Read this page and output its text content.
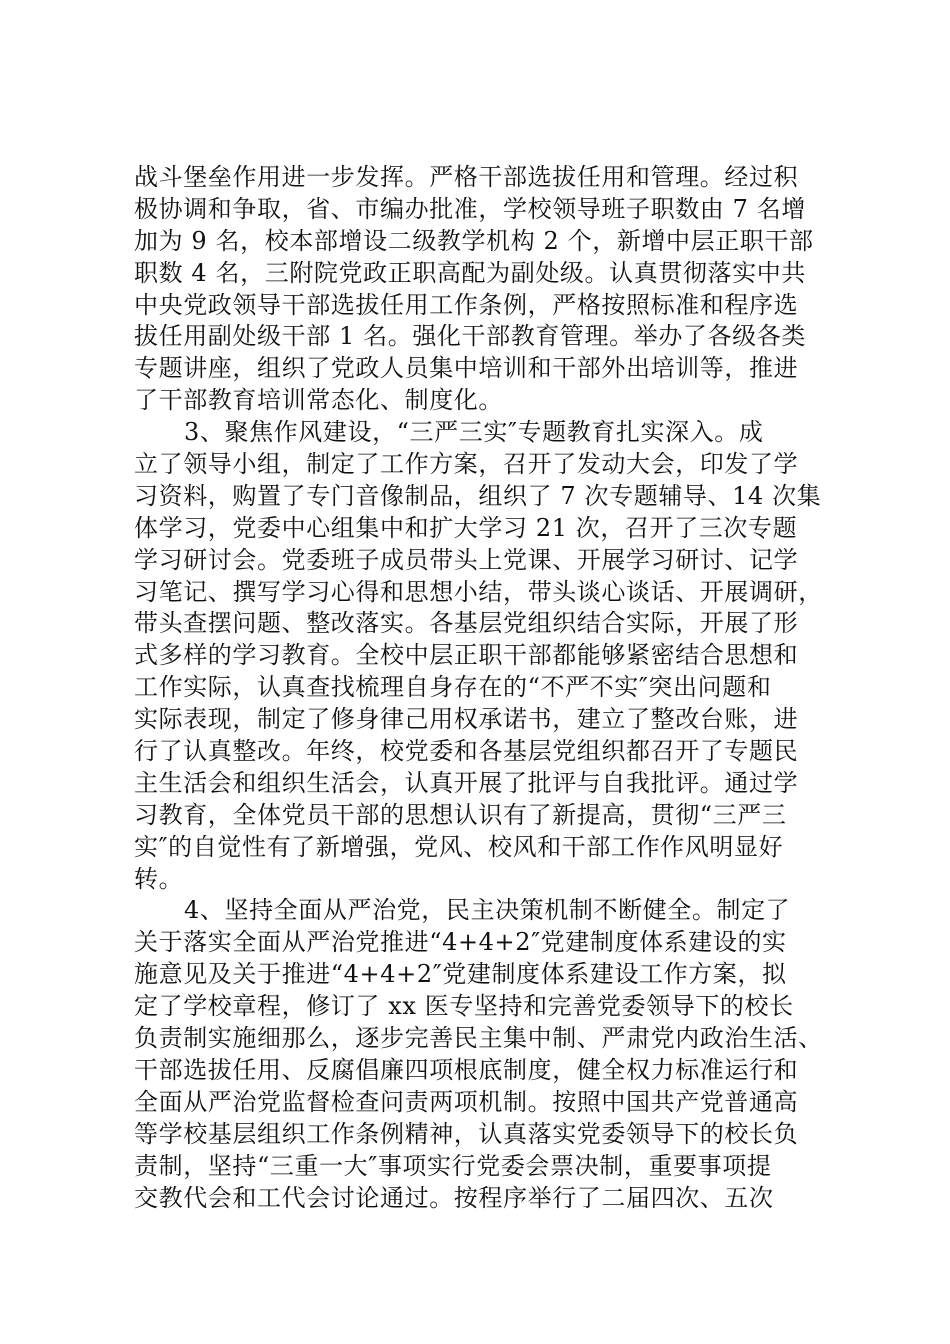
战斗堡垒作用进一步发挥。严格干部选拔任用和管理。经过积
极协调和争取，省、市编办批准，学校领导班子职数由 7 名增
加为 9 名，校本部增设二级教学机构 2 个，新增中层正职干部
职数 4 名，三附院党政正职高配为副处级。认真贯彻落实中共
中央党政领导干部选拔任用工作条例，严格按照标准和程序选
拔任用副处级干部 1 名。强化干部教育管理。举办了各级各类
专题讲座，组织了党政人员集中培训和干部外出培训等，推进
了干部教育培训常态化、制度化。
3、聚焦作风建设，“三严三实″专题教育扎实深入。成
立了领导小组，制定了工作方案，召开了发动大会，印发了学
习资料，购置了专门音像制品，组织了 7 次专题辅导、14 次集
体学习，党委中心组集中和扩大学习 21 次，召开了三次专题
学习研讨会。党委班子成员带头上党课、开展学习研讨、记学
习笔记、撰写学习心得和思想小结，带头谈心谈话、开展调研，
带头查摆问题、整改落实。各基层党组织结合实际，开展了形
式多样的学习教育。全校中层正职干部都能够紧密结合思想和
工作实际，认真查找梳理自身存在的“不严不实″突出问题和
实际表现，制定了修身律己用权承诺书，建立了整改台账，进
行了认真整改。年终，校党委和各基层党组织都召开了专题民
主生活会和组织生活会，认真开展了批评与自我批评。通过学
习教育，全体党员干部的思想认识有了新提高，贯彻“三严三
实″的自觉性有了新增强，党风、校风和干部工作作风明显好
转。
4、坚持全面从严治党，民主决策机制不断健全。制定了
关于落实全面从严治党推进“4+4+2″党建制度体系建设的实
施意见及关于推进“4+4+2″党建制度体系建设工作方案，拟
定了学校章程，修订了 xx 医专坚持和完善党委领导下的校长
负责制实施细那么，逐步完善民主集中制、严肃党内政治生活、
干部选拔任用、反腐倡廉四项根底制度，健全权力标准运行和
全面从严治党监督检查问责两项机制。按照中国共产党普通高
等学校基层组织工作条例精神，认真落实党委领导下的校长负
责制，坚持“三重一大″事项实行党委会票决制，重要事项提
交教代会和工代会讨论通过。按程序举行了二届四次、五次
